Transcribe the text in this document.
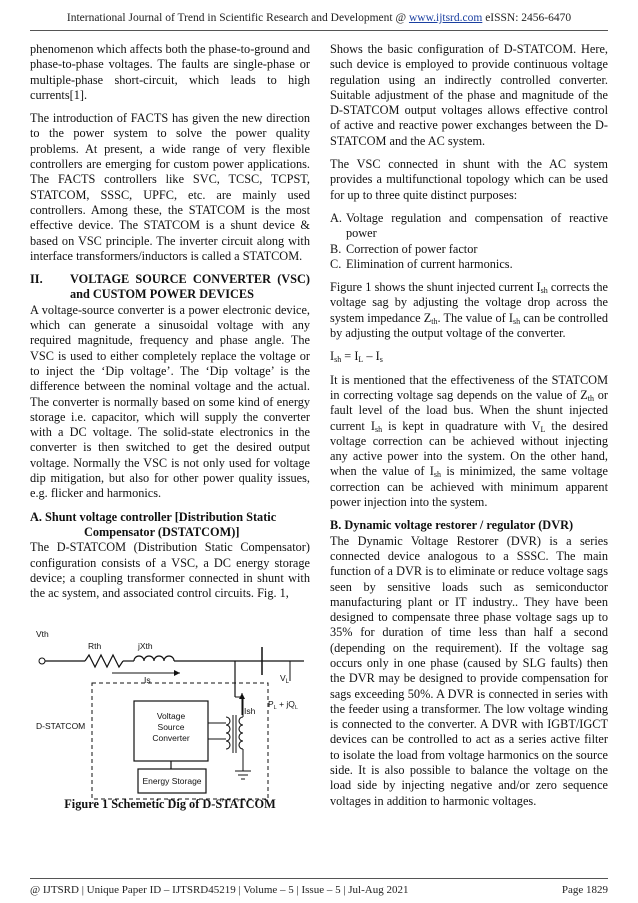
International Journal of Trend in Scientific Research and Development @ www.ijtsrd.com eISSN: 2456-6470

phenomenon which affects both the phase-to-ground and phase-to-phase voltages. The faults are single-phase or multiple-phase short-circuit, which leads to high currents[1].

The introduction of FACTS has given the new direction to the power system to solve the power quality problems. At present, a wide range of very flexible controllers are emerging for custom power applications. The FACTS controllers like SVC, TCSC, TCPST, STATCOM, SSSC, UPFC, etc. are mainly used controllers. Among these, the STATCOM is the most effective device. The STATCOM is a shunt device & based on VSC principle. The inverter circuit along with interface transformers/inductors is called a STATCOM.

II.	VOLTAGE SOURCE CONVERTER (VSC) and CUSTOM POWER DEVICES

A voltage-source converter is a power electronic device, which can generate a sinusoidal voltage with any required magnitude, frequency and phase angle. The VSC is used to either completely replace the voltage or to inject the ‘Dip voltage’. The ‘Dip voltage’ is the difference between the nominal voltage and the actual. The converter is normally based on some kind of energy storage i.e. capacitor, which will supply the converter with a DC voltage. The solid-state electronics in the converter is then switched to get the desired output voltage. Normally the VSC is not only used for voltage dip mitigation, but also for other power quality issues, e.g. flicker and harmonics.

A. Shunt voltage controller [Distribution Static
Compensator (DSTATCOM)]

The D-STATCOM (Distribution Static Compensator) configuration consists of a VSC, a DC energy storage device; a coupling transformer connected in shunt with the ac system, and associated control circuits. Fig. 1,

Vth
Rth	jXth
Is
D-STATCOM
Ish
$V_L$
$P_L + jQ_L$
Voltage
Source
Converter
Energy Storage
Figure 1 Schemetic Dig of D-STATCOM

Shows the basic configuration of D-STATCOM. Here, such device is employed to provide continuous voltage regulation using an indirectly controlled converter. Suitable adjustment of the phase and magnitude of the D-STATCOM output voltages allows effective control of active and reactive power exchanges between the D-STATCOM and the AC system.

The VSC connected in shunt with the AC system provides a multifunctional topology which can be used for up to three quite distinct purposes:

A. Voltage regulation and compensation of reactive power
B. Correction of power factor
C. Elimination of current harmonics.

Figure 1 shows the shunt injected current $I_{sh}$ corrects the voltage sag by adjusting the voltage drop across the system impedance $Z_{th}$. The value of $I_{sh}$ can be controlled by adjusting the output voltage of the converter.

$I_{sh} = I_L - I_s$

It is mentioned that the effectiveness of the STATCOM in correcting voltage sag depends on the value of $Z_{th}$ or fault level of the load bus. When the shunt injected current $I_{sh}$ is kept in quadrature with $V_L$ the desired voltage correction can be achieved without injecting any active power into the system. On the other hand, when the value of $I_{sh}$ is minimized, the same voltage correction can be achieved with minimum apparent power injection into the system.

B. Dynamic voltage restorer / regulator (DVR)

The Dynamic Voltage Restorer (DVR) is a series connected device analogous to a SSSC. The main function of a DVR is to eliminate or reduce voltage sags seen by sensitive loads such as semiconductor manufacturing plant or IT industry.. They have been designed to compensate three phase voltage sags up to 35% for duration of time less than half a second (depending on the requirement). If the voltage sag occurs only in one phase (caused by SLG faults) then the DVR may be designed to provide compensation for sags exceeding 50%. A DVR is connected in series with the feeder using a transformer. The low voltage winding is connected to the converter. A DVR with IGBT/IGCT devices can be controlled to act as a series active filter to isolate the load from voltage harmonics on the source side. It is also possible to balance the voltage on the load side by injecting negative and/or zero sequence voltages in addition to harmonic voltages.

@ IJTSRD | Unique Paper ID – IJTSRD45219 | Volume – 5 | Issue – 5 | Jul-Aug 2021	Page 1829
